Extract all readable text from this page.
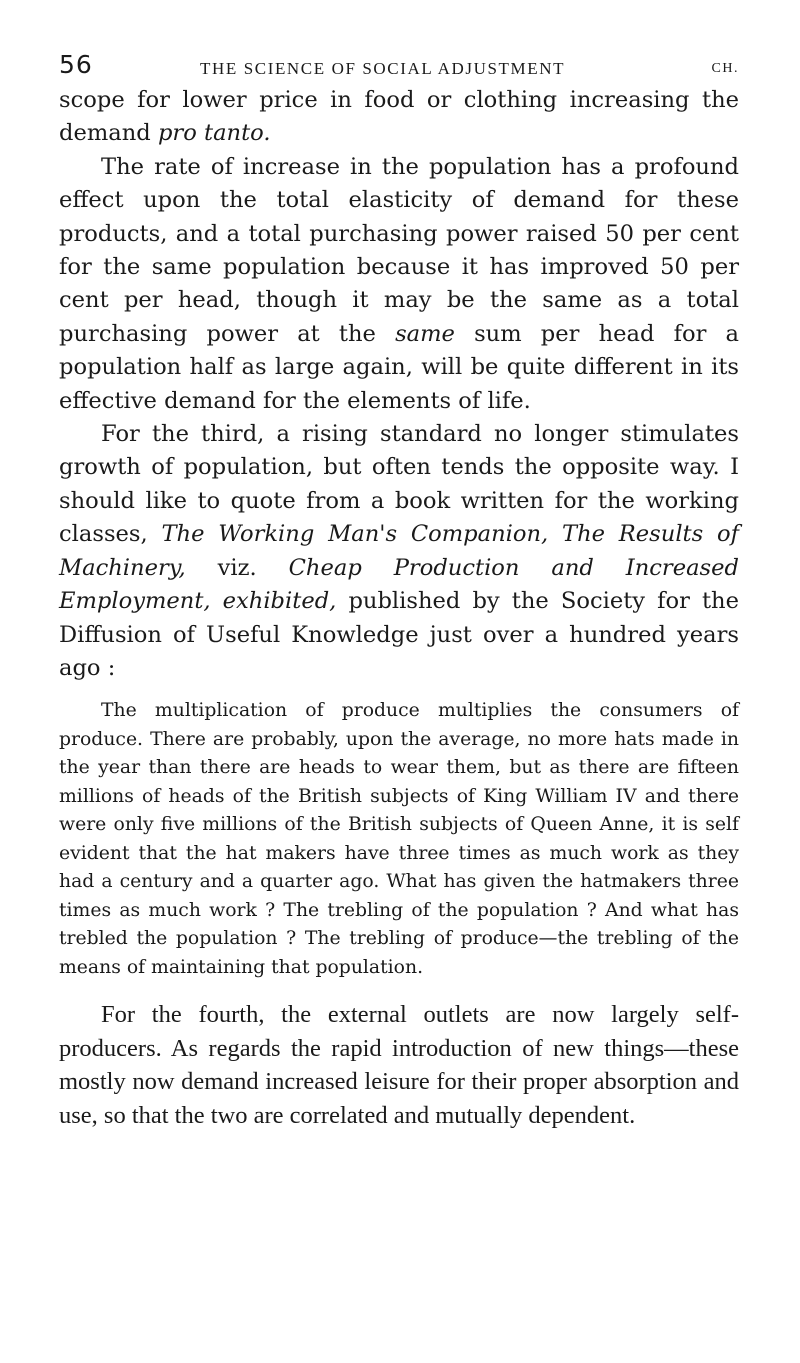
56	THE SCIENCE OF SOCIAL ADJUSTMENT	CH.

scope for lower price in food or clothing increasing the demand pro tanto.

The rate of increase in the population has a profound effect upon the total elasticity of demand for these products, and a total purchasing power raised 50 per cent for the same population because it has improved 50 per cent per head, though it may be the same as a total purchasing power at the same sum per head for a population half as large again, will be quite different in its effective demand for the elements of life.

For the third, a rising standard no longer stimulates growth of population, but often tends the opposite way. I should like to quote from a book written for the working classes, The Working Man's Companion, The Results of Machinery, viz. Cheap Production and Increased Employment, exhibited, published by the Society for the Diffusion of Useful Knowledge just over a hundred years ago :

The multiplication of produce multiplies the consumers of produce. There are probably, upon the average, no more hats made in the year than there are heads to wear them, but as there are fifteen millions of heads of the British subjects of King William IV and there were only five millions of the British subjects of Queen Anne, it is self evident that the hat makers have three times as much work as they had a century and a quarter ago. What has given the hatmakers three times as much work ? The trebling of the population ? And what has trebled the population ? The trebling of produce—the trebling of the means of maintaining that population.

For the fourth, the external outlets are now largely self-producers. As regards the rapid introduction of new things—these mostly now demand increased leisure for their proper absorption and use, so that the two are correlated and mutually dependent.
